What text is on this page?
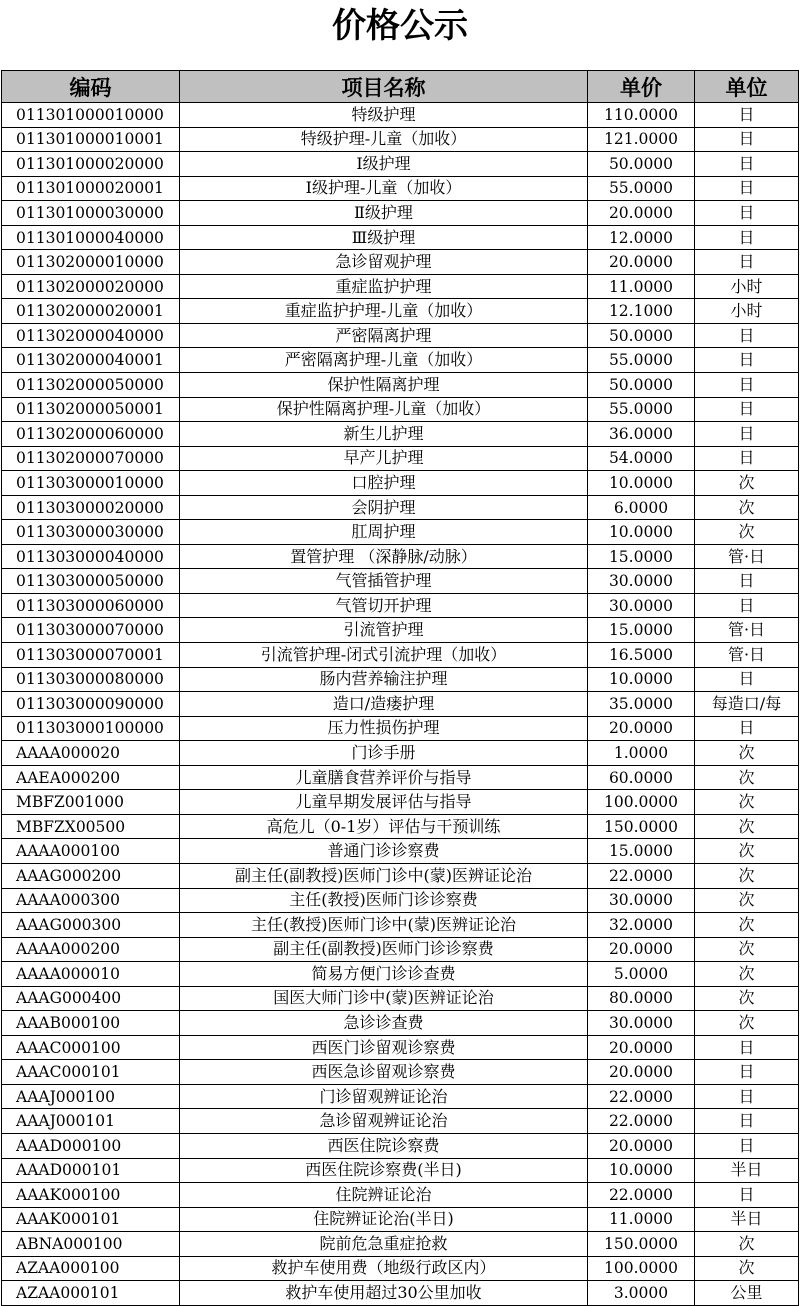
价格公示
编码	项目名称	单价	单位
011301000010000	特级护理	110.0000	日
011301000010001	特级护理-儿童（加收）	121.0000	日
011301000020000	Ⅰ级护理	50.0000	日
011301000020001	Ⅰ级护理-儿童（加收）	55.0000	日
011301000030000	Ⅱ级护理	20.0000	日
011301000040000	Ⅲ级护理	12.0000	日
011302000010000	急诊留观护理	20.0000	日
011302000020000	重症监护护理	11.0000	小时
011302000020001	重症监护护理-儿童（加收）	12.1000	小时
011302000040000	严密隔离护理	50.0000	日
011302000040001	严密隔离护理-儿童（加收）	55.0000	日
011302000050000	保护性隔离护理	50.0000	日
011302000050001	保护性隔离护理-儿童（加收）	55.0000	日
011302000060000	新生儿护理	36.0000	日
011302000070000	早产儿护理	54.0000	日
011303000010000	口腔护理	10.0000	次
011303000020000	会阴护理	6.0000	次
011303000030000	肛周护理	10.0000	次
011303000040000	置管护理 （深静脉/动脉）	15.0000	管·日
011303000050000	气管插管护理	30.0000	日
011303000060000	气管切开护理	30.0000	日
011303000070000	引流管护理	15.0000	管·日
011303000070001	引流管护理-闭式引流护理（加收）	16.5000	管·日
011303000080000	肠内营养输注护理	10.0000	日
011303000090000	造口/造瘘护理	35.0000	每造口/每
011303000100000	压力性损伤护理	20.0000	日
AAAA000020	门诊手册	1.0000	次
AAEA000200	儿童膳食营养评价与指导	60.0000	次
MBFZ001000	儿童早期发展评估与指导	100.0000	次
MBFZX00500	高危儿（0-1岁）评估与干预训练	150.0000	次
AAAA000100	普通门诊诊察费	15.0000	次
AAAG000200	副主任(副教授)医师门诊中(蒙)医辨证论治	22.0000	次
AAAA000300	主任(教授)医师门诊诊察费	30.0000	次
AAAG000300	主任(教授)医师门诊中(蒙)医辨证论治	32.0000	次
AAAA000200	副主任(副教授)医师门诊诊察费	20.0000	次
AAAA000010	简易方便门诊诊查费	5.0000	次
AAAG000400	国医大师门诊中(蒙)医辨证论治	80.0000	次
AAAB000100	急诊诊查费	30.0000	次
AAAC000100	西医门诊留观诊察费	20.0000	日
AAAC000101	西医急诊留观诊察费	20.0000	日
AAAJ000100	门诊留观辨证论治	22.0000	日
AAAJ000101	急诊留观辨证论治	22.0000	日
AAAD000100	西医住院诊察费	20.0000	日
AAAD000101	西医住院诊察费(半日)	10.0000	半日
AAAK000100	住院辨证论治	22.0000	日
AAAK000101	住院辨证论治(半日)	11.0000	半日
ABNA000100	院前危急重症抢救	150.0000	次
AZAA000100	救护车使用费（地级行政区内）	100.0000	次
AZAA000101	救护车使用超过30公里加收	3.0000	公里
